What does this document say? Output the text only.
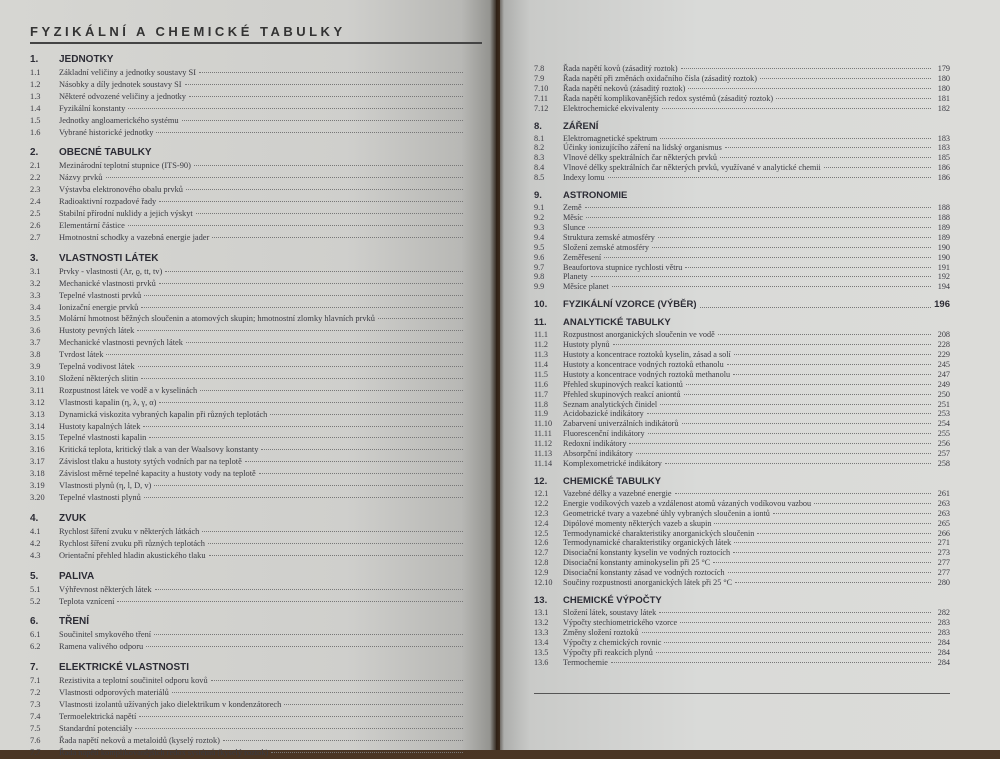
FYZIKÁLNÍ A CHEMICKÉ TABULKY
1.	JEDNOTKY
1.1	Základní veličiny a jednotky soustavy SI
1.2	Násobky a díly jednotek soustavy SI
1.3	Některé odvozené veličiny a jednotky
1.4	Fyzikální konstanty
1.5	Jednotky angloamerického systému
1.6	Vybrané historické jednotky
2.	OBECNÉ TABULKY
2.1	Mezinárodní teplotní stupnice (ITS-90)
2.2	Názvy prvků
2.3	Výstavba elektronového obalu prvků
2.4	Radioaktivní rozpadové řady
2.5	Stabilní přírodní nuklidy a jejich výskyt
2.6	Elementární částice
2.7	Hmotnostní schodky a vazebná energie jader
3.	VLASTNOSTI LÁTEK
3.1	Prvky - vlastnosti (Ar, ϱ, tt, tv)
3.2	Mechanické vlastnosti prvků
3.3	Tepelné vlastnosti prvků
3.4	Ionizační energie prvků
3.5	Molární hmotnost běžných sloučenin a atomových skupin; hmotnostní zlomky hlavních prvků
3.6	Hustoty pevných látek
3.7	Mechanické vlastnosti pevných látek
3.8	Tvrdost látek
3.9	Tepelná vodivost látek
3.10	Složení některých slitin
3.11	Rozpustnost látek ve vodě a v kyselinách
3.12	Vlastnosti kapalin (η, λ, γ, α)
3.13	Dynamická viskozita vybraných kapalin při různých teplotách
3.14	Hustoty kapalných látek
3.15	Tepelné vlastnosti kapalin
3.16	Kritická teplota, kritický tlak a van der Waalsovy konstanty
3.17	Závislost tlaku a hustoty sytých vodních par na teplotě
3.18	Závislost měrné tepelné kapacity a hustoty vody na teplotě
3.19	Vlastnosti plynů (η, l, D, v)
3.20	Tepelné vlastnosti plynů
4.	ZVUK
4.1	Rychlost šíření zvuku v některých látkách
4.2	Rychlost šíření zvuku při různých teplotách
4.3	Orientační přehled hladin akustického tlaku
5.	PALIVA
5.1	Výhřevnost některých látek
5.2	Teplota vznícení
6.	TŘENÍ
6.1	Součinitel smykového tření
6.2	Ramena valivého odporu
7.	ELEKTRICKÉ VLASTNOSTI
7.1	Rezistivita a teplotní součinitel odporu kovů
7.2	Vlastnosti odporových materiálů
7.3	Vlastnosti izolantů užívaných jako dielektrikum v kondenzátorech
7.4	Termoelektrická napětí
7.5	Standardní potenciály
7.6	Řada napětí nekovů a metaloidů (kyselý roztok)
7.7	Řada napětí komplikovanějších redox systémů (kyselý roztok)
7.8	Řada napětí kovů (zásaditý roztok)	179
7.9	Řada napětí při změnách oxidačního čísla (zásaditý roztok)	180
7.10	Řada napětí nekovů (zásaditý roztok)	180
7.11	Řada napětí komplikovanějších redox systémů (zásaditý roztok)	181
7.12	Elektrochemické ekvivalenty	182
8.	ZÁŘENÍ
8.1	Elektromagnetické spektrum	183
8.2	Účinky ionizujícího záření na lidský organismus	183
8.3	Vlnové délky spektrálních čar některých prvků	185
8.4	Vlnové délky spektrálních čar některých prvků, využívané v analytické chemii	186
8.5	Indexy lomu	186
9.	ASTRONOMIE
9.1	Země	188
9.2	Měsíc	188
9.3	Slunce	189
9.4	Struktura zemské atmosféry	189
9.5	Složení zemské atmosféry	190
9.6	Zeměřesení	190
9.7	Beaufortova stupnice rychlosti větru	191
9.8	Planety	192
9.9	Měsíce planet	194
10.	FYZIKÁLNÍ VZORCE (VÝBĚR)	196
11.	ANALYTICKÉ TABULKY
11.1	Rozpustnost anorganických sloučenin ve vodě	208
11.2	Hustoty plynů	228
11.3	Hustoty a koncentrace roztoků kyselin, zásad a solí	229
11.4	Hustoty a koncentrace vodných roztoků ethanolu	245
11.5	Hustoty a koncentrace vodných roztoků methanolu	247
11.6	Přehled skupinových reakcí kationtů	249
11.7	Přehled skupinových reakcí aniontů	250
11.8	Seznam analytických činidel	251
11.9	Acidobazické indikátory	253
11.10	Zabarvení univerzálních indikátorů	254
11.11	Fluorescenční indikátory	255
11.12	Redoxní indikátory	256
11.13	Absorpční indikátory	257
11.14	Komplexometrické indikátory	258
12.	CHEMICKÉ TABULKY
12.1	Vazebné délky a vazebné energie	261
12.2	Energie vodíkových vazeb a vzdálenost atomů vázaných vodíkovou vazbou	263
12.3	Geometrické tvary a vazebné úhly vybraných sloučenin a iontů	263
12.4	Dipólové momenty některých vazeb a skupin	265
12.5	Termodynamické charakteristiky anorganických sloučenin	266
12.6	Termodynamické charakteristiky organických látek	271
12.7	Disociační konstanty kyselin ve vodných roztocích	273
12.8	Disociační konstanty aminokyselin při 25 °C	277
12.9	Disociační konstanty zásad ve vodných roztocích	277
12.10	Součiny rozpustnosti anorganických látek při 25 °C	280
13.	CHEMICKÉ VÝPOČTY
13.1	Složení látek, soustavy látek	282
13.2	Výpočty stechiometrického vzorce	283
13.3	Změny složení roztoků	283
13.4	Výpočty z chemických rovnic	284
13.5	Výpočty při reakcích plynů	284
13.6	Termochemie	284
